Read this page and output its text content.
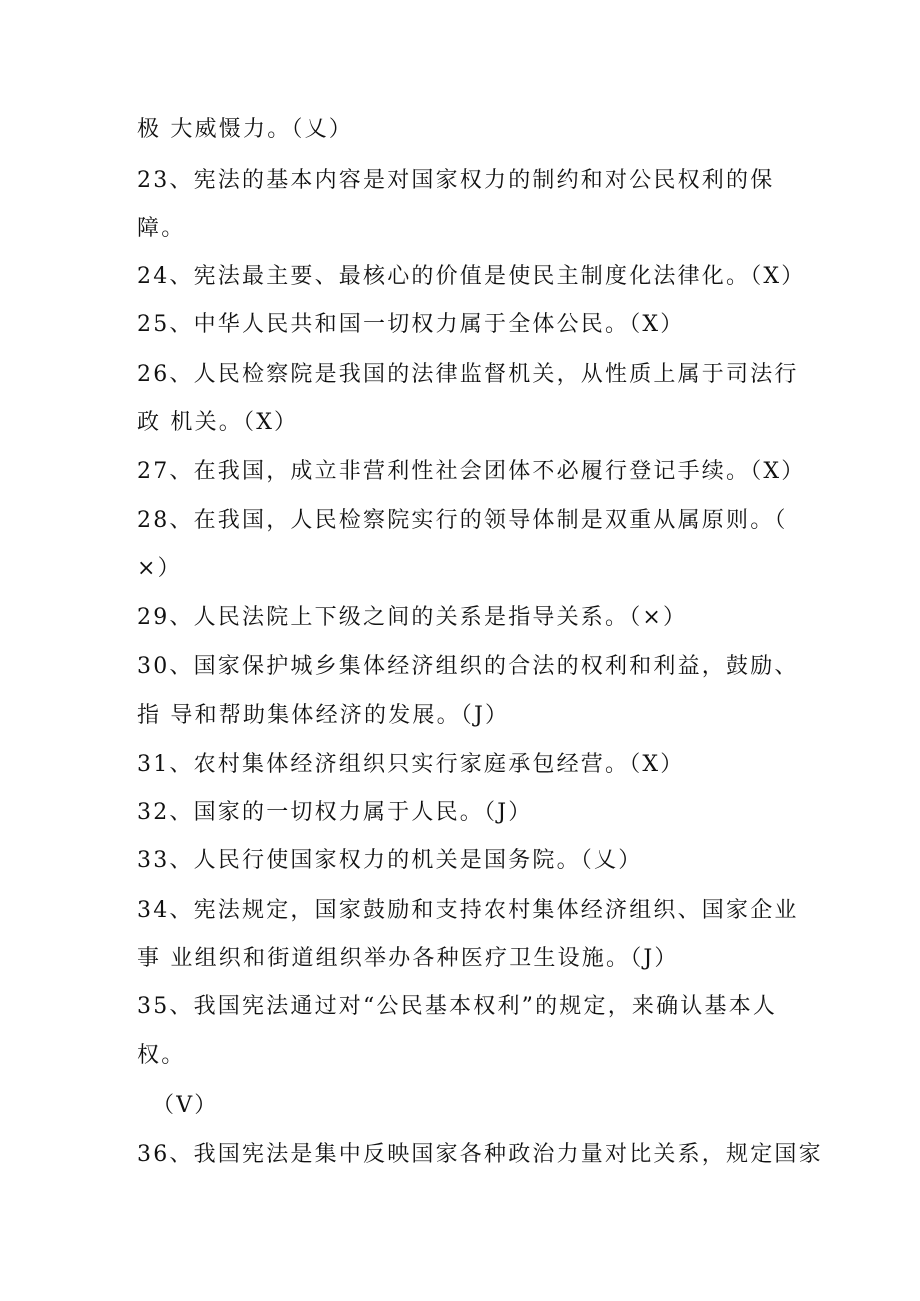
极 大威慑力。（乂）
23、宪法的基本内容是对国家权力的制约和对公民权利的保
障。
24、宪法最主要、最核心的价值是使民主制度化法律化。（X）
25、中华人民共和国一切权力属于全体公民。（X）
26、人民检察院是我国的法律监督机关，从性质上属于司法行
政 机关。（X）
27、在我国，成立非营利性社会团体不必履行登记手续。（X）
28、在我国，人民检察院实行的领导体制是双重从属原则。（
×）
29、人民法院上下级之间的关系是指导关系。（×）
30、国家保护城乡集体经济组织的合法的权利和利益，鼓励、
指 导和帮助集体经济的发展。（J）
31、农村集体经济组织只实行家庭承包经营。（X）
32、国家的一切权力属于人民。（J）
33、人民行使国家权力的机关是国务院。（乂）
34、宪法规定，国家鼓励和支持农村集体经济组织、国家企业
事 业组织和街道组织举办各种医疗卫生设施。（J）
35、我国宪法通过对“公民基本权利”的规定，来确认基本人
权。
（V）
36、我国宪法是集中反映国家各种政治力量对比关系，规定国家
